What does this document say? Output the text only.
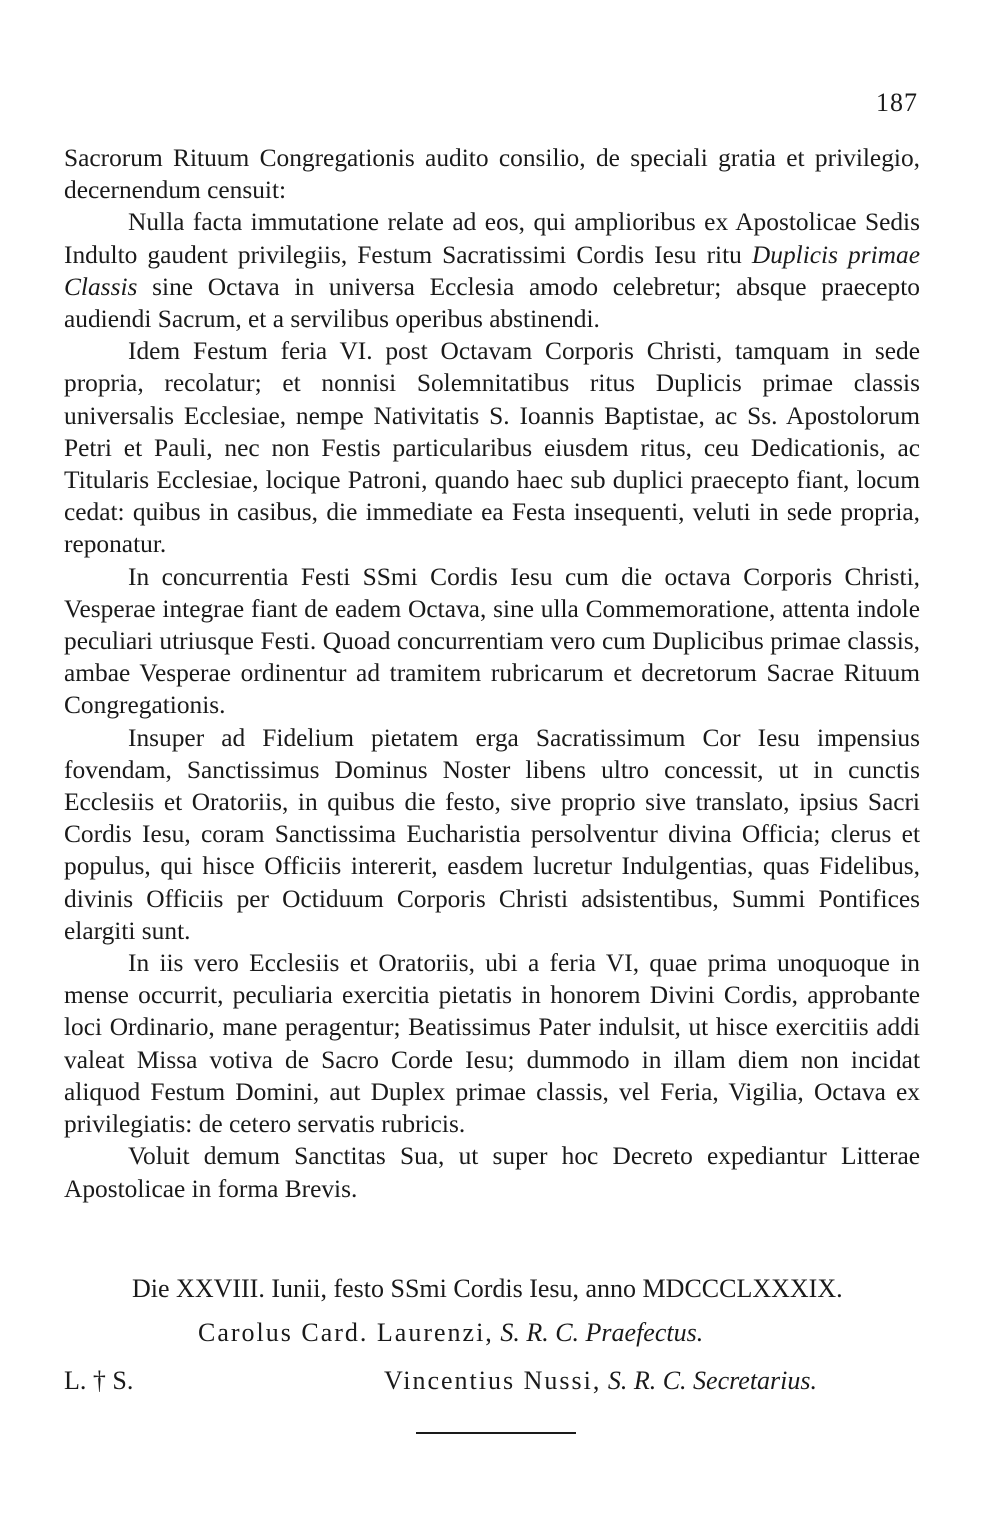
187

Sacrorum Rituum Congregationis audito consilio, de speciali gratia et privilegio, decernendum censuit:

Nulla facta immutatione relate ad eos, qui amplioribus ex Apostolicae Sedis Indulto gaudent privilegiis, Festum Sacratissimi Cordis Iesu ritu Duplicis primae Classis sine Octava in universa Ecclesia amodo celebretur; absque praecepto audiendi Sacrum, et a servilibus operibus abstinendi.

Idem Festum feria VI. post Octavam Corporis Christi, tamquam in sede propria, recolatur; et nonnisi Solemnitatibus ritus Duplicis primae classis universalis Ecclesiae, nempe Nativitatis S. Ioannis Baptistae, ac Ss. Apostolorum Petri et Pauli, nec non Festis particularibus eiusdem ritus, ceu Dedicationis, ac Titularis Ecclesiae, locique Patroni, quando haec sub duplici praecepto fiant, locum cedat: quibus in casibus, die immediate ea Festa insequenti, veluti in sede propria, reponatur.

In concurrentia Festi SSmi Cordis Iesu cum die octava Corporis Christi, Vesperae integrae fiant de eadem Octava, sine ulla Commemoratione, attenta indole peculiari utriusque Festi. Quoad concurrentiam vero cum Duplicibus primae classis, ambae Vesperae ordinentur ad tramitem rubricarum et decretorum Sacrae Rituum Congregationis.

Insuper ad Fidelium pietatem erga Sacratissimum Cor Iesu impensius fovendam, Sanctissimus Dominus Noster libens ultro concessit, ut in cunctis Ecclesiis et Oratoriis, in quibus die festo, sive proprio sive translato, ipsius Sacri Cordis Iesu, coram Sanctissima Eucharistia persolventur divina Officia; clerus et populus, qui hisce Officiis intererit, easdem lucretur Indulgentias, quas Fidelibus, divinis Officiis per Octiduum Corporis Christi adsistentibus, Summi Pontifices elargiti sunt.

In iis vero Ecclesiis et Oratoriis, ubi a feria VI, quae prima unoquoque in mense occurrit, peculiaria exercitia pietatis in honorem Divini Cordis, approbante loci Ordinario, mane peragentur; Beatissimus Pater indulsit, ut hisce exercitiis addi valeat Missa votiva de Sacro Corde Iesu; dummodo in illam diem non incidat aliquod Festum Domini, aut Duplex primae classis, vel Feria, Vigilia, Octava ex privilegiatis: de cetero servatis rubricis.

Voluit demum Sanctitas Sua, ut super hoc Decreto expediantur Litterae Apostolicae in forma Brevis.

Die XXVIII. Iunii, festo SSmi Cordis Iesu, anno MDCCCLXXXIX.
Carolus Card. Laurenzi, S. R. C. Praefectus.
L. † S.	Vincentius Nussi, S. R. C. Secretarius.
